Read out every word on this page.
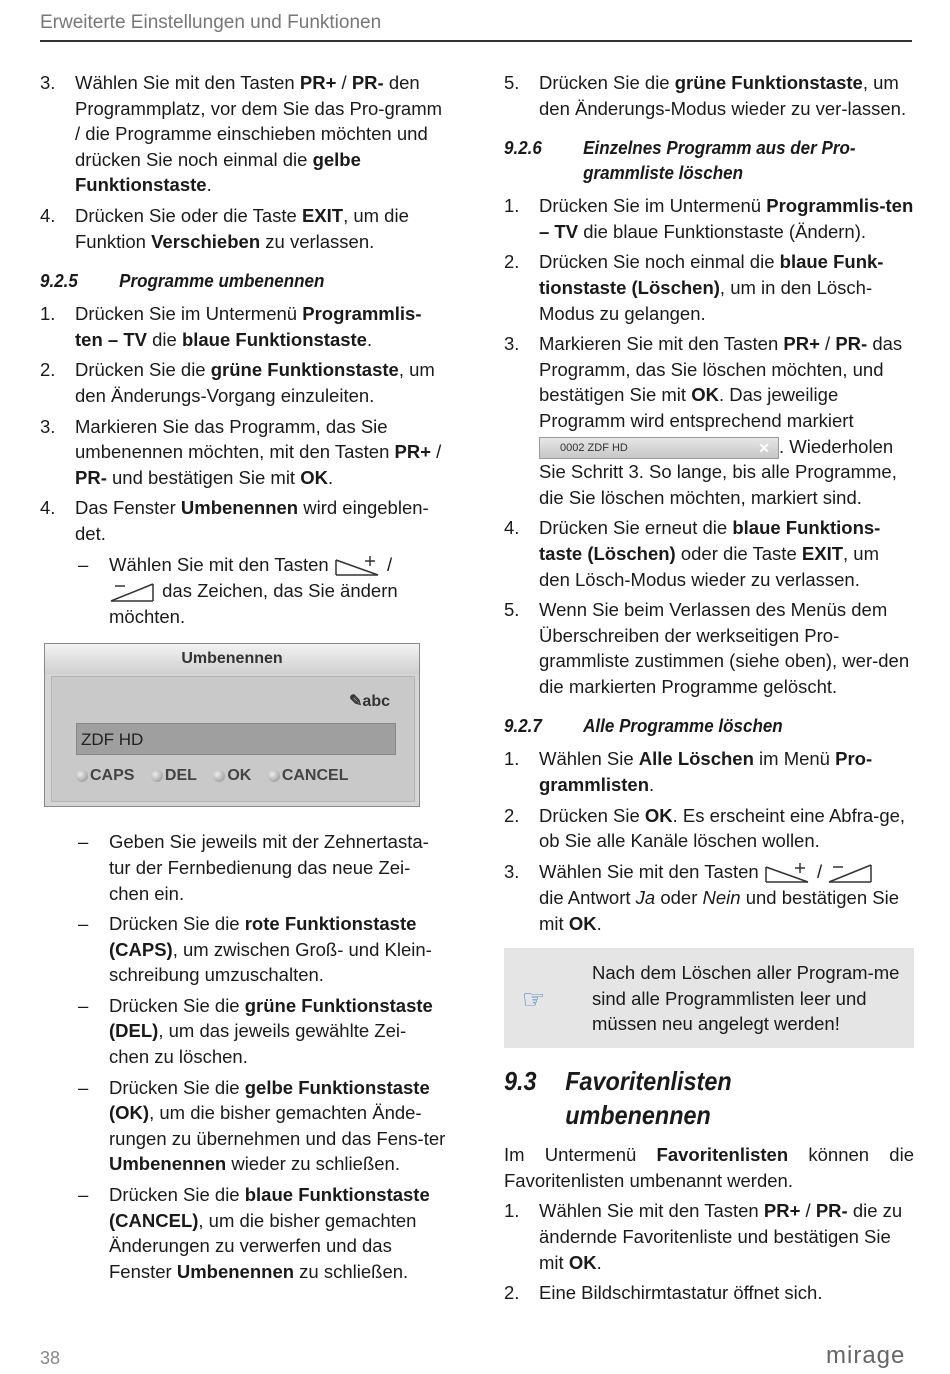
Erweiterte Einstellungen und Funktionen
3. Wählen Sie mit den Tasten PR+ / PR- den Programmplatz, vor dem Sie das Pro-gramm / die Programme einschieben möchten und drücken Sie noch einmal die gelbe Funktionstaste.
4. Drücken Sie oder die Taste EXIT, um die Funktion Verschieben zu verlassen.
9.2.5 Programme umbenennen
1. Drücken Sie im Untermenü Programmlis-ten – TV die blaue Funktionstaste.
2. Drücken Sie die grüne Funktionstaste, um den Änderungs-Vorgang einzuleiten.
3. Markieren Sie das Programm, das Sie umbenennen möchten, mit den Tasten PR+ / PR- und bestätigen Sie mit OK.
4. Das Fenster Umbenennen wird eingeblen-det.
– Wählen Sie mit den Tasten	/
das Zeichen, das Sie ändern möchten.
Umbenennen
✎abc
ZDF HD
CAPS DEL OK CANCEL
– Geben Sie jeweils mit der Zehnertasta-tur der Fernbedienung das neue Zei-chen ein.
– Drücken Sie die rote Funktionstaste (CAPS), um zwischen Groß- und Klein-schreibung umzuschalten.
– Drücken Sie die grüne Funktionstaste (DEL), um das jeweils gewählte Zei-chen zu löschen.
– Drücken Sie die gelbe Funktionstaste (OK), um die bisher gemachten Ände-rungen zu übernehmen und das Fens-ter Umbenennen wieder zu schließen.
– Drücken Sie die blaue Funktionstaste (CANCEL), um die bisher gemachten Änderungen zu verwerfen und das Fenster Umbenennen zu schließen.
5. Drücken Sie die grüne Funktionstaste, um den Änderungs-Modus wieder zu ver-lassen.
9.2.6 Einzelnes Programm aus der Pro-grammliste löschen
1. Drücken Sie im Untermenü Programmlis-ten – TV die blaue Funktionstaste (Ändern).
2. Drücken Sie noch einmal die blaue Funk-tionstaste (Löschen), um in den Lösch-Modus zu gelangen.
3. Markieren Sie mit den Tasten PR+ / PR- das Programm, das Sie löschen möchten, und bestätigen Sie mit OK. Das jeweilige Programm wird entsprechend markiert
0002 ZDF HD	✕ . Wiederholen Sie Schritt 3. So lange, bis alle Programme, die Sie löschen möchten, markiert sind.
4. Drücken Sie erneut die blaue Funktions-taste (Löschen) oder die Taste EXIT, um den Lösch-Modus wieder zu verlassen.
5. Wenn Sie beim Verlassen des Menüs dem Überschreiben der werkseitigen Pro-grammliste zustimmen (siehe oben), wer-den die markierten Programme gelöscht.
9.2.7 Alle Programme löschen
1. Wählen Sie Alle Löschen im Menü Pro-grammlisten.
2. Drücken Sie OK. Es erscheint eine Abfra-ge, ob Sie alle Kanäle löschen wollen.
3. Wählen Sie mit den Tasten	/
die Antwort Ja oder Nein und bestätigen Sie mit OK.
☞
Nach dem Löschen aller Program-me sind alle Programmlisten leer und müssen neu angelegt werden!
9.3 Favoritenlisten umbenennen
Im Untermenü Favoritenlisten können die Favoritenlisten umbenannt werden.
1. Wählen Sie mit den Tasten PR+ / PR- die zu ändernde Favoritenliste und bestätigen Sie mit OK.
2. Eine Bildschirmtastatur öffnet sich.
38	mirage
